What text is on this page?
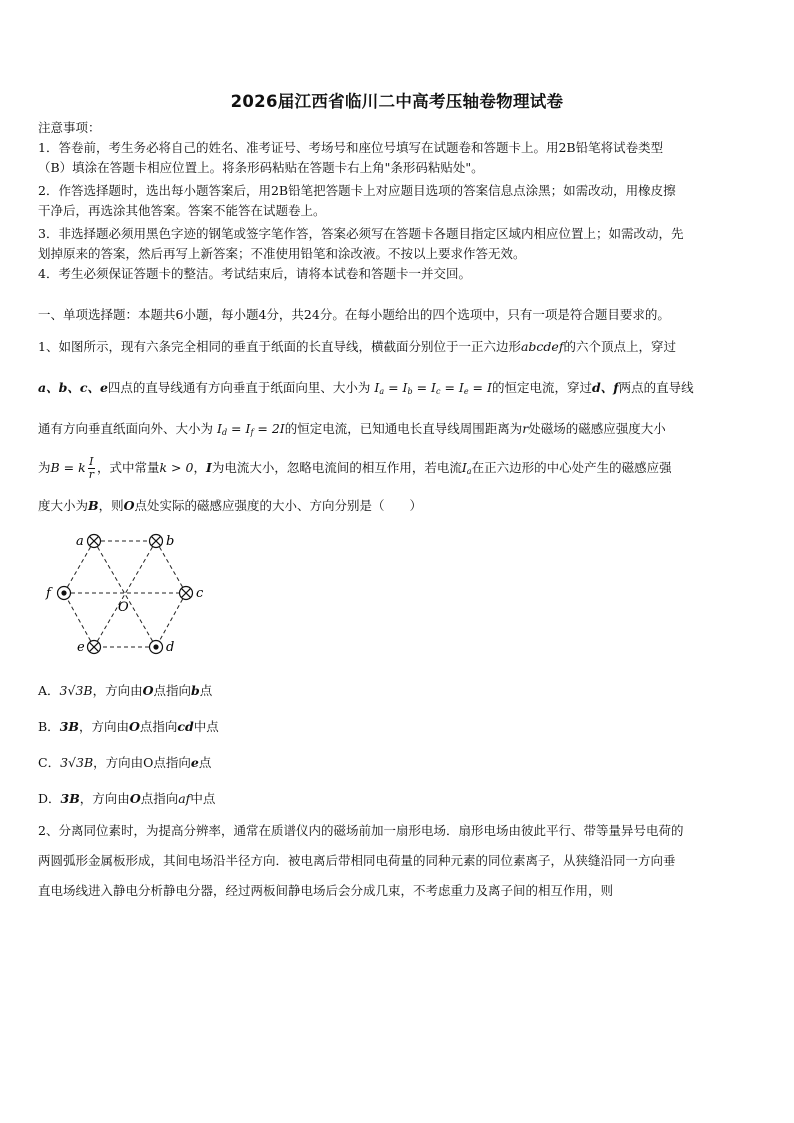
2026届江西省临川二中高考压轴卷物理试卷
注意事项：
1．答卷前，考生务必将自己的姓名、准考证号、考场号和座位号填写在试题卷和答题卡上。用2B铅笔将试卷类型
（B）填涂在答题卡相应位置上。将条形码粘贴在答题卡右上角"条形码粘贴处"。
2．作答选择题时，选出每小题答案后，用2B铅笔把答题卡上对应题目选项的答案信息点涂黑；如需改动，用橡皮擦
干净后，再选涂其他答案。答案不能答在试题卷上。
3．非选择题必须用黑色字迹的钢笔或签字笔作答，答案必须写在答题卡各题目指定区域内相应位置上；如需改动，先
划掉原来的答案，然后再写上新答案；不准使用铅笔和涂改液。不按以上要求作答无效。
4．考生必须保证答题卡的整洁。考试结束后，请将本试卷和答题卡一并交回。
一、单项选择题：本题共6小题，每小题4分，共24分。在每小题给出的四个选项中，只有一项是符合题目要求的。
1、如图所示，现有六条完全相同的垂直于纸面的长直导线，横截面分别位于一正六边形abcdef的六个顶点上，穿过
a、b、c、e四点的直导线通有方向垂直于纸面向里、大小为 $I_a = I_b = I_c = I_e = I$的恒定电流，穿过d、f两点的直导线
通有方向垂直纸面向外、大小为 $I_d = I_f = 2I$的恒定电流，已知通电长直导线周围距离为r处磁场的磁感应强度大小
为B = k $\frac{I}{r}$ ，式中常量k > 0，I为电流大小，忽略电流间的相互作用，若电流$I_a$在正六边形的中心处产生的磁感应强
度大小为B，则O点处实际的磁感应强度的大小、方向分别是（　　）
a	b
c
d
e
f
O
A．3√3B，方向由O点指向b点
B．3B，方向由O点指向cd中点
C．3√3B，方向由O点指向e点
D．3B，方向由O点指向af中点
2、分离同位素时，为提高分辨率，通常在质谱仪内的磁场前加一扇形电场．扇形电场由彼此平行、带等量异号电荷的
两圆弧形金属板形成，其间电场沿半径方向．被电离后带相同电荷量的同种元素的同位素离子，从狭缝沿同一方向垂
直电场线进入静电分析静电分器，经过两板间静电场后会分成几束，不考虑重力及离子间的相互作用，则
